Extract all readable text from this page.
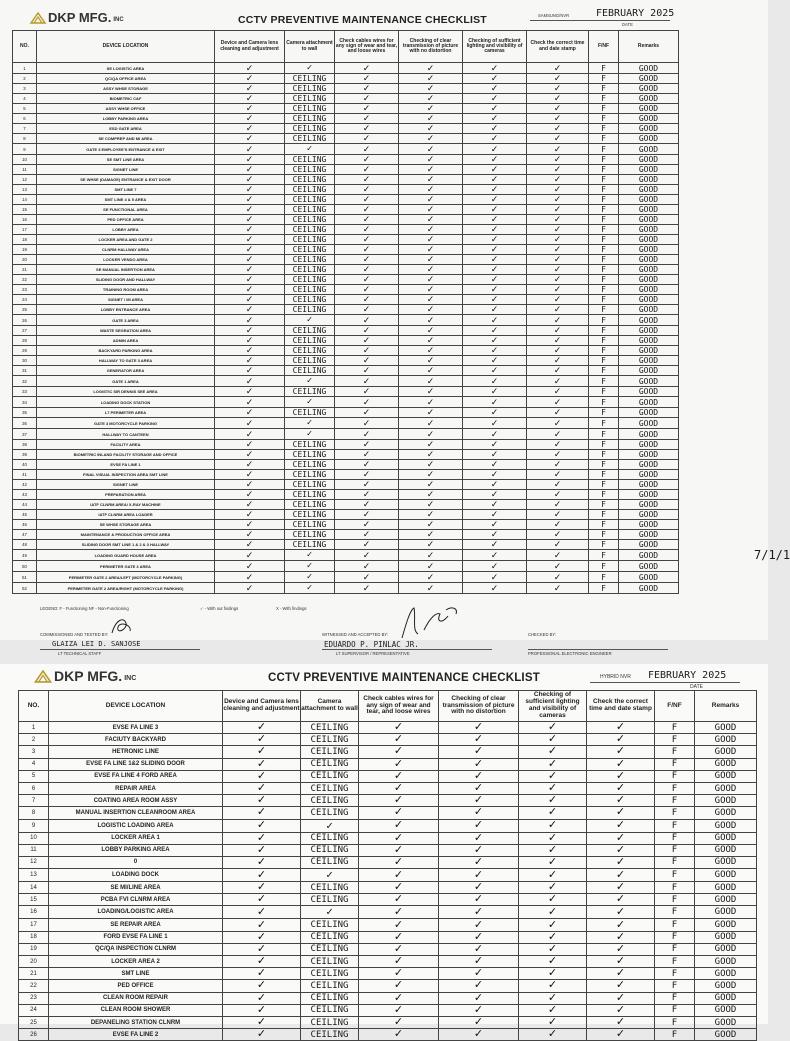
DKP MFG. INC	CCTV PREVENTIVE MAINTENANCE CHECKLIST	SAMSUNG/NVR	FEBRUARY 2025
DATE
NO.	DEVICE LOCATION	Device and Camera lens cleaning and adjustment	Camera attachment to wall	Check cables wires for any sign of wear and tear, and loose wires	Checking of clear transmission of picture with no distortion	Checking of sufficient lighting and visibility of cameras	Check the correct time and date stamp	F/NF	Remarks
1	SE LOGISTIC AREA	✓	✓	✓	✓	✓	✓	F	GOOD
2	QC/QA OFFICE AREA	✓	CEILING	✓	✓	✓	✓	F	GOOD
3	ASSY WHSE STORAGE	✓	CEILING	✓	✓	✓	✓	F	GOOD
4	BIOMETRIC C&F	✓	CEILING	✓	✓	✓	✓	F	GOOD
5	ASSY WHSE OFFICE	✓	CEILING	✓	✓	✓	✓	F	GOOD
6	LOBBY PARKING AREA	✓	CEILING	✓	✓	✓	✓	F	GOOD
7	ESD GATE AREA	✓	CEILING	✓	✓	✓	✓	F	GOOD
8	SE COMPREP AND MI AREA	✓	CEILING	✓	✓	✓	✓	F	GOOD
9	GATE 3 EMPLOYEE'S ENTRANCE & EXIT	✓	✓	✓	✓	✓	✓	F	GOOD
10	SE SMT LINE AREA	✓	CEILING	✓	✓	✓	✓	F	GOOD
11	SIGNET LINE	✓	CEILING	✓	✓	✓	✓	F	GOOD
12	SE WHSE (DAMAGE) ENTRANCE & EXIT DOOR	✓	CEILING	✓	✓	✓	✓	F	GOOD
13	SMT LINE 7	✓	CEILING	✓	✓	✓	✓	F	GOOD
14	SMT LINE 4 & 5 AREA	✓	CEILING	✓	✓	✓	✓	F	GOOD
15	SE FUNCTIONAL AREA	✓	CEILING	✓	✓	✓	✓	F	GOOD
16	PED OFFICE AREA	✓	CEILING	✓	✓	✓	✓	F	GOOD
17	LOBBY AREA	✓	CEILING	✓	✓	✓	✓	F	GOOD
18	LOCKER AREA AND GATE 2	✓	CEILING	✓	✓	✓	✓	F	GOOD
19	CLNRM HALLWAY AREA	✓	CEILING	✓	✓	✓	✓	F	GOOD
20	LOCKER VENDO AREA	✓	CEILING	✓	✓	✓	✓	F	GOOD
21	SE MANUAL INSERTION AREA	✓	CEILING	✓	✓	✓	✓	F	GOOD
22	SLIDING DOOR AND HALLWAY	✓	CEILING	✓	✓	✓	✓	F	GOOD
23	TRAINING ROOM AREA	✓	CEILING	✓	✓	✓	✓	F	GOOD
24	SIGNET / MI AREA	✓	CEILING	✓	✓	✓	✓	F	GOOD
25	LOBBY ENTRANCE AREA	✓	CEILING	✓	✓	✓	✓	F	GOOD
26	GATE 3 AREA	✓	✓	✓	✓	✓	✓	F	GOOD
27	WASTE SEGRATION AREA	✓	CEILING	✓	✓	✓	✓	F	GOOD
28	ADMIN AREA	✓	CEILING	✓	✓	✓	✓	F	GOOD
29	BACKYARD PARKING AREA	✓	CEILING	✓	✓	✓	✓	F	GOOD
30	HALLWAY TO GATE 3 AREA	✓	CEILING	✓	✓	✓	✓	F	GOOD
31	GENERATOR AREA	✓	CEILING	✓	✓	✓	✓	F	GOOD
32	GATE 1 AREA	✓	✓	✓	✓	✓	✓	F	GOOD
33	LOGISTIC SIR DENNIS SEE AREA	✓	CEILING	✓	✓	✓	✓	F	GOOD
34	LOADING DOCK STATION	✓	✓	✓	✓	✓	✓	F	GOOD
35	L7 PERIMETER AREA	✓	CEILING	✓	✓	✓	✓	F	GOOD
36	GATE 3 MOTORCYCLE PARKING	✓	✓	✓	✓	✓	✓	F	GOOD
37	HALLWAY TO CANTEEN	✓	✓	✓	✓	✓	✓	F	GOOD
38	FACILITY AREA	✓	CEILING	✓	✓	✓	✓	F	GOOD
39	BIOMETRIC INLAND FACILITY STORAGE AND OFFICE	✓	CEILING	✓	✓	✓	✓	F	GOOD
40	EVSE FA LINE 1	✓	CEILING	✓	✓	✓	✓	F	GOOD
41	FINAL VISUAL INSPECTION AREA SMT LINE	✓	CEILING	✓	✓	✓	✓	F	GOOD
42	SIGNET LINE	✓	CEILING	✓	✓	✓	✓	F	GOOD
43	PREPARATION AREA	✓	CEILING	✓	✓	✓	✓	F	GOOD
44	IATF CLNRM AREA/ X-RAY MACHINE	✓	CEILING	✓	✓	✓	✓	F	GOOD
45	IATF CLNRM AREA LOADER	✓	CEILING	✓	✓	✓	✓	F	GOOD
46	SE WHSE STORAGE AREA	✓	CEILING	✓	✓	✓	✓	F	GOOD
47	MAINTENANCE & PRODUCTION OFFICE AREA	✓	CEILING	✓	✓	✓	✓	F	GOOD
48	SLIDING DOOR SMT LINE 1 & 2 & 3 HALLWAY	✓	CEILING	✓	✓	✓	✓	F	GOOD
49	LOADING GUARD HOUSE AREA	✓	✓	✓	✓	✓	✓	F	GOOD
50	PERIMETER GATE 3 AREA	✓	✓	✓	✓	✓	✓	F	GOOD
51	PERIMETER GATE 2 AREA/LEFT (MOTORCYCLE PARKING)	✓	✓	✓	✓	✓	✓	F	GOOD
52	PERIMETER GATE 2 AREA/RIGHT (MOTORCYCLE PARKING)	✓	✓	✓	✓	✓	✓	F	GOOD
LEGEND: F - Functioning NF - Non-Functioning	✓ - With out findings	X - With findings
7/1/1
COMMISSIONED AND TESTED BY:	WITNESSED AND ACCEPTED BY:	CHECKED BY:
DKP MFG. INC	CCTV PREVENTIVE MAINTENANCE CHECKLIST	HYBRID NVR FEBRUARY 2025
DATE
NO.	DEVICE LOCATION	Device and Camera lens cleaning and adjustment	Camera attachment to wall	Check cables wires for any sign of wear and tear, and loose wires	Checking of clear transmission of picture with no distortion	Checking of sufficient lighting and visibility of cameras	Check the correct time and date stamp	F/NF	Remarks
1	EVSE FA LINE 3	✓	CEILING	✓	✓	✓	✓	F	GOOD
2	FACIUTY BACKYARD	✓	CEILING	✓	✓	✓	✓	F	GOOD
3	HETRONIC LINE	✓	CEILING	✓	✓	✓	✓	F	GOOD
4	EVSE FA LINE 1&2 SLIDING DOOR	✓	CEILING	✓	✓	✓	✓	F	GOOD
5	EVSE FA LINE 4 FORD AREA	✓	CEILING	✓	✓	✓	✓	F	GOOD
6	REPAIR AREA	✓	CEILING	✓	✓	✓	✓	F	GOOD
7	COATING AREA ROOM ASSY	✓	CEILING	✓	✓	✓	✓	F	GOOD
8	MANUAL INSERTION CLEANROOM AREA	✓	CEILING	✓	✓	✓	✓	F	GOOD
9	LOGISTIC LOADING AREA	✓	✓	✓	✓	✓	✓	F	GOOD
10	LOCKER AREA 1	✓	CEILING	✓	✓	✓	✓	F	GOOD
11	LOBBY PARKING AREA	✓	CEILING	✓	✓	✓	✓	F	GOOD
12	0	✓	CEILING	✓	✓	✓	✓	F	GOOD
13	LOADING DOCK	✓	✓	✓	✓	✓	✓	F	GOOD
14	SE MI/LINE AREA	✓	CEILING	✓	✓	✓	✓	F	GOOD
15	PCBA FVI CLNRM AREA	✓	CEILING	✓	✓	✓	✓	F	GOOD
16	LOADING/LOGISTIC AREA	✓	✓	✓	✓	✓	✓	F	GOOD
17	SE REPAIR AREA	✓	CEILING	✓	✓	✓	✓	F	GOOD
18	FORD EVSE FA LINE 1	✓	CEILING	✓	✓	✓	✓	F	GOOD
19	QC/QA INSPECTION CLNRM	✓	CEILING	✓	✓	✓	✓	F	GOOD
20	LOCKER AREA 2	✓	CEILING	✓	✓	✓	✓	F	GOOD
21	SMT LINE	✓	CEILING	✓	✓	✓	✓	F	GOOD
22	PED OFFICE	✓	CEILING	✓	✓	✓	✓	F	GOOD
23	CLEAN ROOM REPAIR	✓	CEILING	✓	✓	✓	✓	F	GOOD
24	CLEAN ROOM SHOWER	✓	CEILING	✓	✓	✓	✓	F	GOOD
25	DEPANELING STATION CLNRM	✓	CEILING	✓	✓	✓	✓	F	GOOD
26	EVSE FA LINE 2	✓	CEILING	✓	✓	✓	✓	F	GOOD
GLAIZA LEI D. SANJOSE
LT TECHNICAL STAFF
EDUARDO P. PINLAC JR.
LT SUPERVISOR / REPRESENTATIVE	PROFESSIONAL ELECTRONIC ENGINEER
